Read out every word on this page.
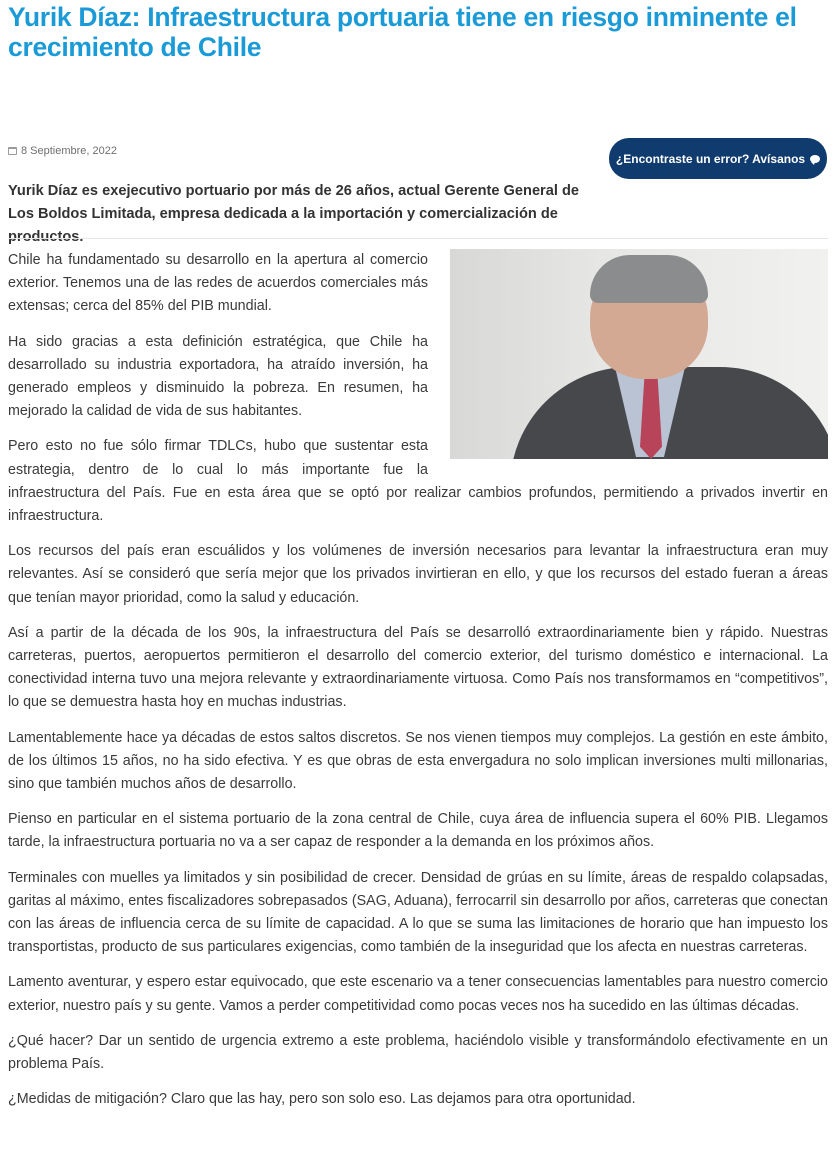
Yurik Díaz: Infraestructura portuaria tiene en riesgo inminente el crecimiento de Chile
8 Septiembre, 2022
¿Encontraste un error? Avísanos

Yurik Díaz es exejecutivo portuario por más de 26 años, actual Gerente General de Los Boldos Limitada, empresa dedicada a la importación y comercialización de productos.

Chile ha fundamentado su desarrollo en la apertura al comercio exterior. Tenemos una de las redes de acuerdos comerciales más extensas; cerca del 85% del PIB mundial.

Ha sido gracias a esta definición estratégica, que Chile ha desarrollado su industria exportadora, ha atraído inversión, ha generado empleos y disminuido la pobreza. En resumen, ha mejorado la calidad de vida de sus habitantes.

Pero esto no fue sólo firmar TDLCs, hubo que sustentar esta estrategia, dentro de lo cual lo más importante fue la infraestructura del País. Fue en esta área que se optó por realizar cambios profundos, permitiendo a privados invertir en infraestructura.

Los recursos del país eran escuálidos y los volúmenes de inversión necesarios para levantar la infraestructura eran muy relevantes. Así se consideró que sería mejor que los privados invirtieran en ello, y que los recursos del estado fueran a áreas que tenían mayor prioridad, como la salud y educación.

Así a partir de la década de los 90s, la infraestructura del País se desarrolló extraordinariamente bien y rápido. Nuestras carreteras, puertos, aeropuertos permitieron el desarrollo del comercio exterior, del turismo doméstico e internacional. La conectividad interna tuvo una mejora relevante y extraordinariamente virtuosa. Como País nos transformamos en “competitivos”, lo que se demuestra hasta hoy en muchas industrias.

Lamentablemente hace ya décadas de estos saltos discretos. Se nos vienen tiempos muy complejos. La gestión en este ámbito, de los últimos 15 años, no ha sido efectiva. Y es que obras de esta envergadura no solo implican inversiones multi millonarias, sino que también muchos años de desarrollo.

Pienso en particular en el sistema portuario de la zona central de Chile, cuya área de influencia supera el 60% PIB. Llegamos tarde, la infraestructura portuaria no va a ser capaz de responder a la demanda en los próximos años.

Terminales con muelles ya limitados y sin posibilidad de crecer. Densidad de grúas en su límite, áreas de respaldo colapsadas, garitas al máximo, entes fiscalizadores sobrepasados (SAG, Aduana), ferrocarril sin desarrollo por años, carreteras que conectan con las áreas de influencia cerca de su límite de capacidad. A lo que se suma las limitaciones de horario que han impuesto los transportistas, producto de sus particulares exigencias, como también de la inseguridad que los afecta en nuestras carreteras.

Lamento aventurar, y espero estar equivocado, que este escenario va a tener consecuencias lamentables para nuestro comercio exterior, nuestro país y su gente. Vamos a perder competitividad como pocas veces nos ha sucedido en las últimas décadas.

¿Qué hacer? Dar un sentido de urgencia extremo a este problema, haciéndolo visible y transformándolo efectivamente en un problema País.

¿Medidas de mitigación? Claro que las hay, pero son solo eso. Las dejamos para otra oportunidad.
